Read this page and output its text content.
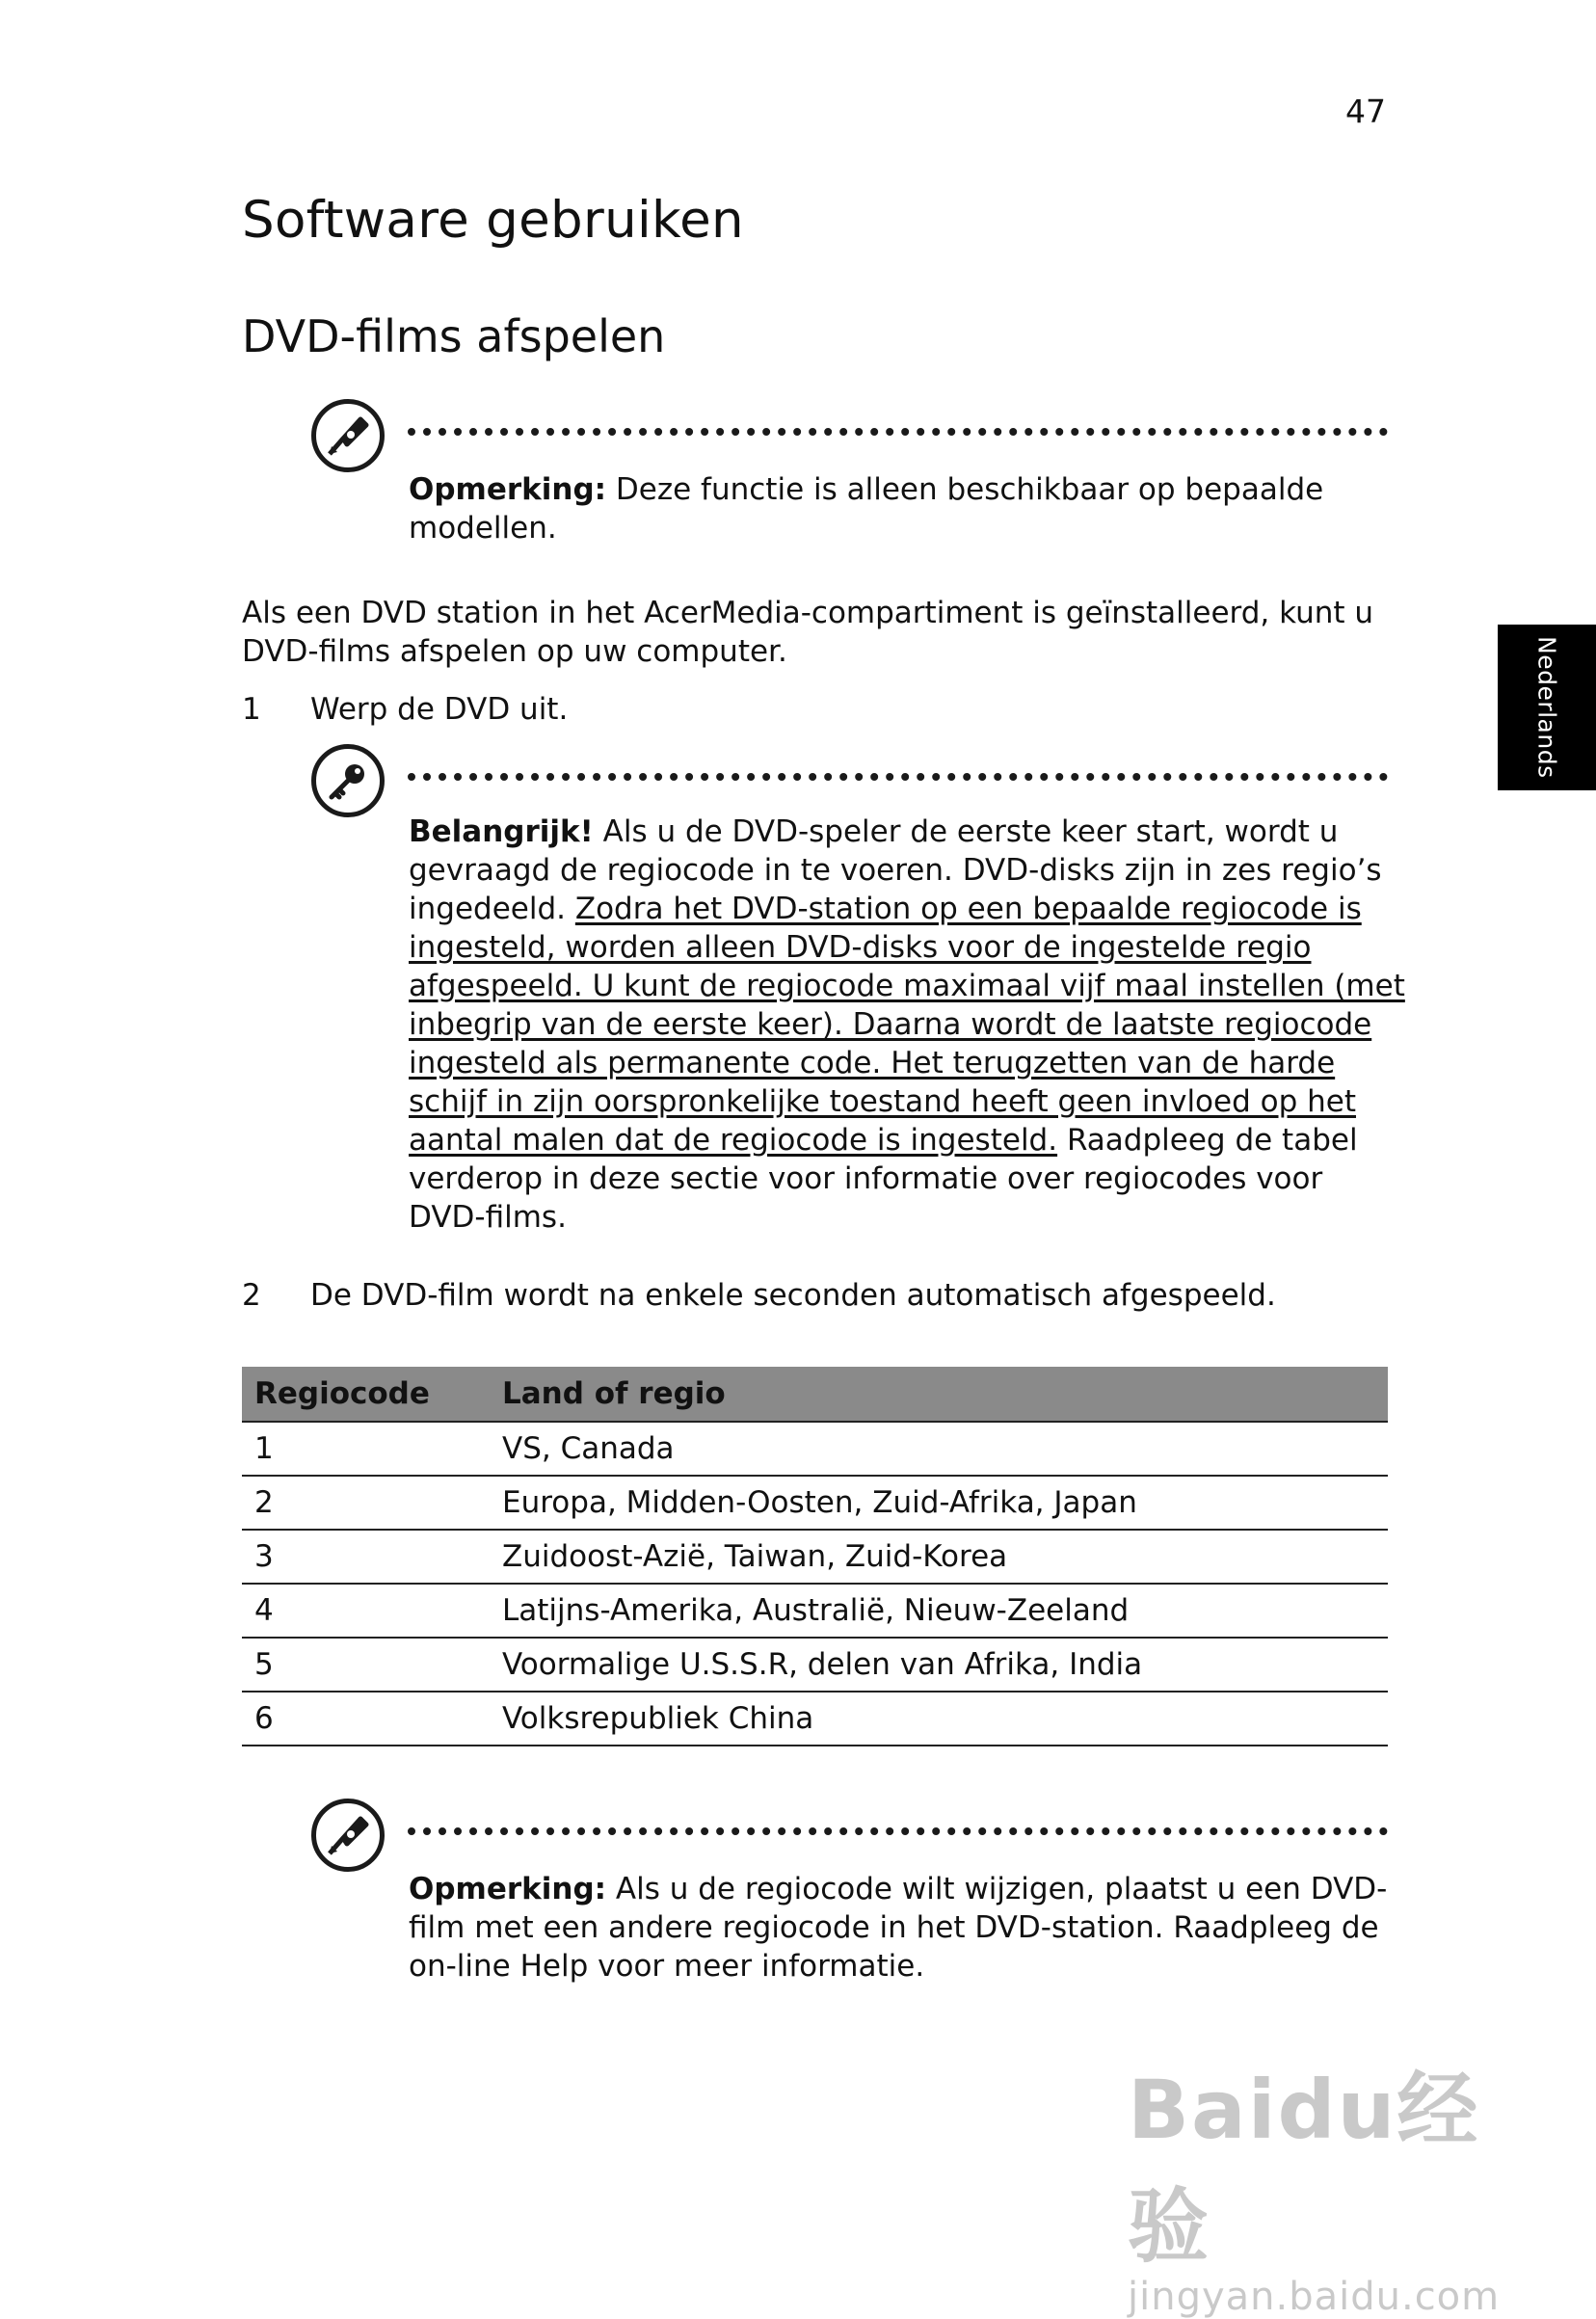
47
Nederlands
Software gebruiken
DVD-films afspelen

Opmerking: Deze functie is alleen beschikbaar op bepaalde

modellen.

Als een DVD station in het AcerMedia-compartiment is geïnstalleerd, kunt u

DVD-films afspelen op uw computer.

1 Werp de DVD uit.

Belangrijk! Als u de DVD-speler de eerste keer start, wordt u

gevraagd de regiocode in te voeren. DVD-disks zijn in zes regio’s

ingedeeld. Zodra het DVD-station op een bepaalde regiocode is

ingesteld, worden alleen DVD-disks voor de ingestelde regio

afgespeeld. U kunt de regiocode maximaal vijf maal instellen (met

inbegrip van de eerste keer). Daarna wordt de laatste regiocode

ingesteld als permanente code. Het terugzetten van de harde

schijf in zijn oorspronkelijke toestand heeft geen invloed op het

aantal malen dat de regiocode is ingesteld. Raadpleeg de tabel

verderop in deze sectie voor informatie over regiocodes voor

DVD-films.

2 De DVD-film wordt na enkele seconden automatisch afgespeeld.
Regiocode	Land of regio
1	VS, Canada
2	Europa, Midden-Oosten, Zuid-Afrika, Japan
3	Zuidoost-Azië, Taiwan, Zuid-Korea
4	Latijns-Amerika, Australië, Nieuw-Zeeland
5	Voormalige U.S.S.R, delen van Afrika, India
6	Volksrepubliek China

Opmerking: Als u de regiocode wilt wijzigen, plaatst u een DVD-

film met een andere regiocode in het DVD-station. Raadpleeg de

on-line Help voor meer informatie.

Baidu经验
jingyan.baidu.com
